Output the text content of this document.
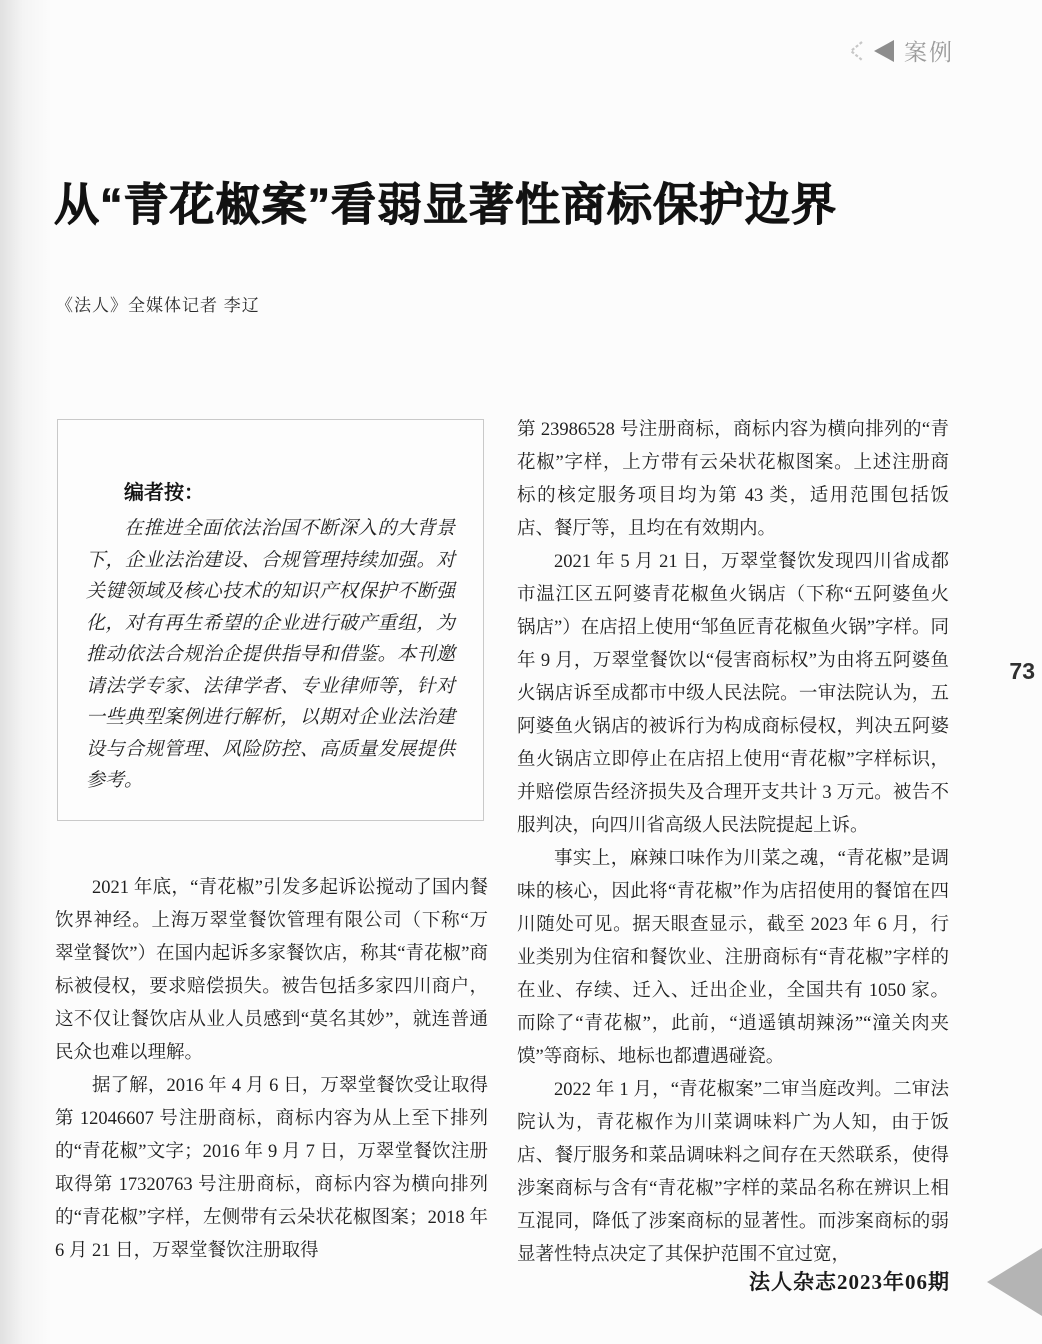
案例
从“青花椒案”看弱显著性商标保护边界
《法人》全媒体记者 李辽
编者按：

在推进全面依法治国不断深入的大背景下，企业法治建设、合规管理持续加强。对关键领域及核心技术的知识产权保护不断强化，对有再生希望的企业进行破产重组，为推动依法合规治企提供指导和借鉴。本刊邀请法学专家、法律学者、专业律师等，针对一些典型案例进行解析，以期对企业法治建设与合规管理、风险防控、高质量发展提供参考。

2021 年底，“青花椒”引发多起诉讼搅动了国内餐饮界神经。上海万翠堂餐饮管理有限公司（下称“万翠堂餐饮”）在国内起诉多家餐饮店，称其“青花椒”商标被侵权，要求赔偿损失。被告包括多家四川商户，这不仅让餐饮店从业人员感到“莫名其妙”，就连普通民众也难以理解。

据了解，2016 年 4 月 6 日，万翠堂餐饮受让取得第 12046607 号注册商标，商标内容为从上至下排列的“青花椒”文字；2016 年 9 月 7 日，万翠堂餐饮注册取得第 17320763 号注册商标，商标内容为横向排列的“青花椒”字样，左侧带有云朵状花椒图案；2018 年 6 月 21 日，万翠堂餐饮注册取得

第 23986528 号注册商标，商标内容为横向排列的“青花椒”字样，上方带有云朵状花椒图案。上述注册商标的核定服务项目均为第 43 类，适用范围包括饭店、餐厅等，且均在有效期内。

2021 年 5 月 21 日，万翠堂餐饮发现四川省成都市温江区五阿婆青花椒鱼火锅店（下称“五阿婆鱼火锅店”）在店招上使用“邹鱼匠青花椒鱼火锅”字样。同年 9 月，万翠堂餐饮以“侵害商标权”为由将五阿婆鱼火锅店诉至成都市中级人民法院。一审法院认为，五阿婆鱼火锅店的被诉行为构成商标侵权，判决五阿婆鱼火锅店立即停止在店招上使用“青花椒”字样标识，并赔偿原告经济损失及合理开支共计 3 万元。被告不服判决，向四川省高级人民法院提起上诉。

事实上，麻辣口味作为川菜之魂，“青花椒”是调味的核心，因此将“青花椒”作为店招使用的餐馆在四川随处可见。据天眼查显示，截至 2023 年 6 月，行业类别为住宿和餐饮业、注册商标有“青花椒”字样的在业、存续、迁入、迁出企业，全国共有 1050 家。而除了“青花椒”，此前，“逍遥镇胡辣汤”“潼关肉夹馍”等商标、地标也都遭遇碰瓷。

2022 年 1 月，“青花椒案”二审当庭改判。二审法院认为，青花椒作为川菜调味料广为人知，由于饭店、餐厅服务和菜品调味料之间存在天然联系，使得涉案商标与含有“青花椒”字样的菜品名称在辨识上相互混同，降低了涉案商标的显著性。而涉案商标的弱显著性特点决定了其保护范围不宜过宽，

法人杂志2023年06期
73
